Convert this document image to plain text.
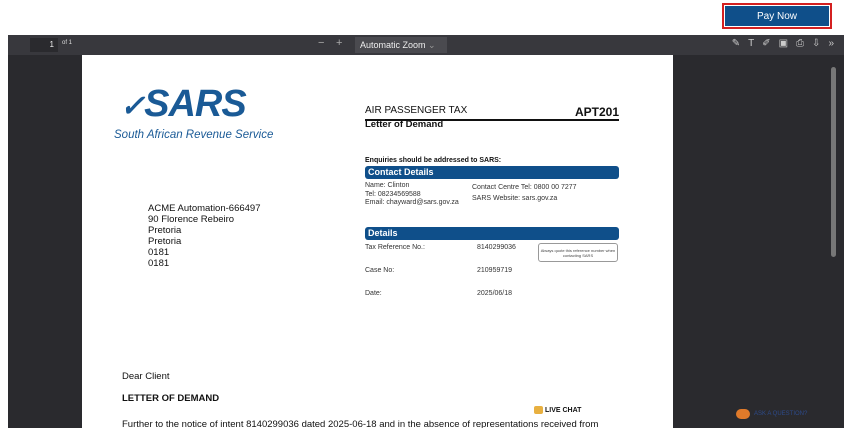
Pay Now
1	of 1	− +	Automatic Zoom ⌄	✎ T ✐ ▣ ⎙ ⇩ »
✓SARS
South African Revenue Service
AIR PASSENGER TAX	APT201
Letter of Demand
Enquiries should be addressed to SARS:
Contact Details
Name: Clinton
Tel: 08234569588
Email: chayward@sars.gov.za
Contact Centre Tel: 0800 00 7277
SARS Website: sars.gov.za
ACME Automation-666497
90 Florence Rebeiro
Pretoria
Pretoria
0181
0181
Details
Tax Reference No.:	8140299036
Case No:	210959719
Date:	2025/06/18
Always quote this reference number when contacting SARS
Dear Client
LETTER OF DEMAND
LIVE CHAT
Further to the notice of intent 8140299036 dated 2025-06-18 and in the absence of representations received from
ASK A QUESTION?
